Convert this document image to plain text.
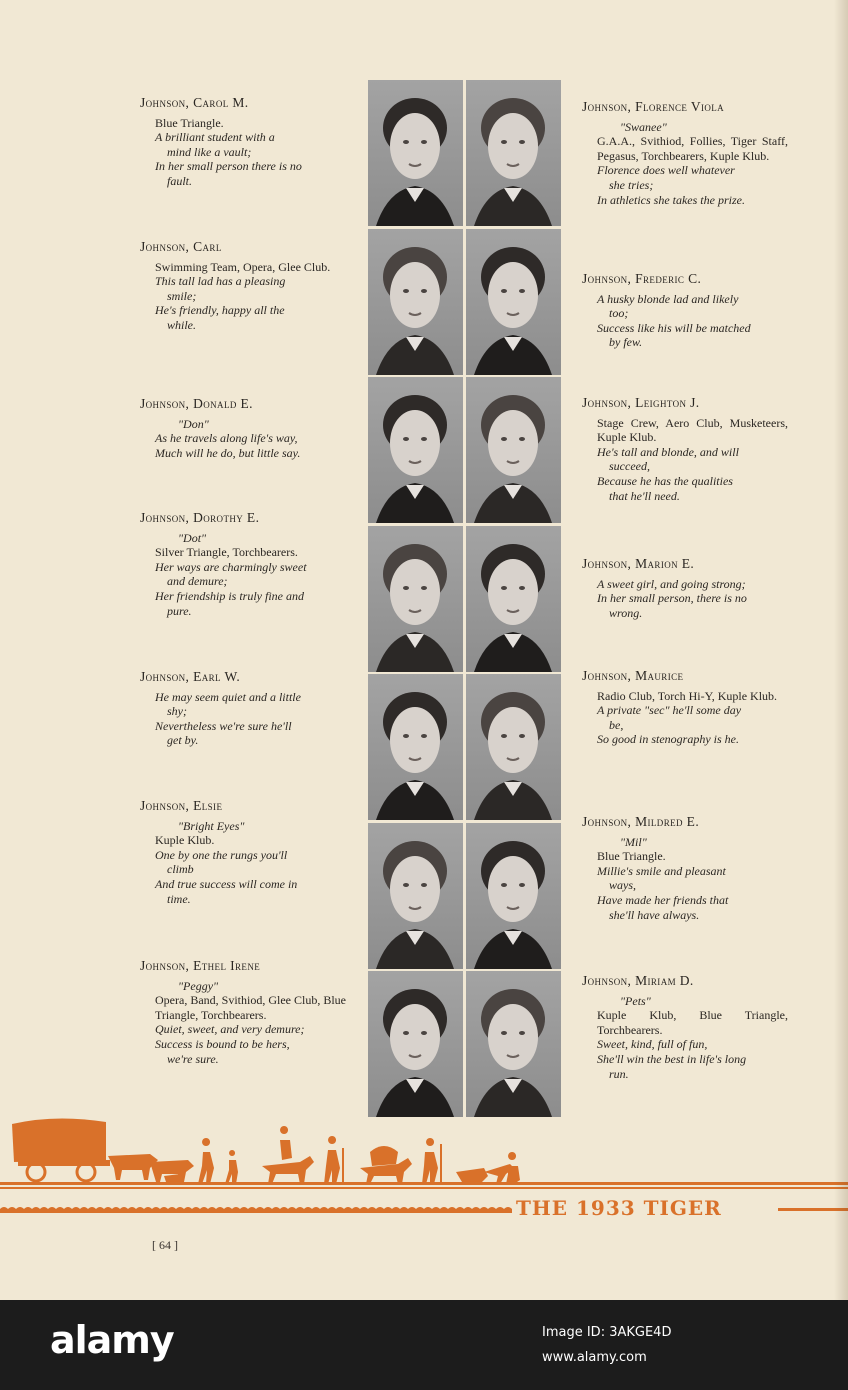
Johnson, Carol M.
Blue Triangle.
A brilliant student with a
mind like a vault;
In her small person there is no
fault.
Johnson, Carl
Swimming Team, Opera, Glee Club.
This tall lad has a pleasing
smile;
He's friendly, happy all the
while.
Johnson, Donald E.
"Don"
As he travels along life's way,
Much will he do, but little say.
Johnson, Dorothy E.
"Dot"
Silver Triangle, Torchbearers.
Her ways are charmingly sweet
and demure;
Her friendship is truly fine and
pure.
Johnson, Earl W.
He may seem quiet and a little
shy;
Nevertheless we're sure he'll
get by.
Johnson, Elsie
"Bright Eyes"
Kuple Klub.
One by one the rungs you'll
climb
And true success will come in
time.
Johnson, Ethel Irene
"Peggy"
Opera, Band, Svithiod, Glee Club, Blue Triangle, Torchbearers.
Quiet, sweet, and very demure;
Success is bound to be hers,
we're sure.
Johnson, Florence Viola
"Swanee"
G.A.A., Svithiod, Follies, Tiger Staff, Pegasus, Torchbearers, Kuple Klub.
Florence does well whatever
she tries;
In athletics she takes the prize.
Johnson, Frederic C.
A husky blonde lad and likely
too;
Success like his will be matched
by few.
Johnson, Leighton J.
Stage Crew, Aero Club, Musketeers, Kuple Klub.
He's tall and blonde, and will
succeed,
Because he has the qualities
that he'll need.
Johnson, Marion E.
A sweet girl, and going strong;
In her small person, there is no
wrong.
Johnson, Maurice
Radio Club, Torch Hi-Y, Kuple Klub.
A private "sec" he'll some day
be,
So good in stenography is he.
Johnson, Mildred E.
"Mil"
Blue Triangle.
Millie's smile and pleasant
ways,
Have made her friends that
she'll have always.
Johnson, Miriam D.
"Pets"
Kuple Klub, Blue Triangle, Torchbearers.
Sweet, kind, full of fun,
She'll win the best in life's long
run.
THE 1933 TIGER
[ 64 ]
alamy	Image ID: 3AKGE4D
www.alamy.com
